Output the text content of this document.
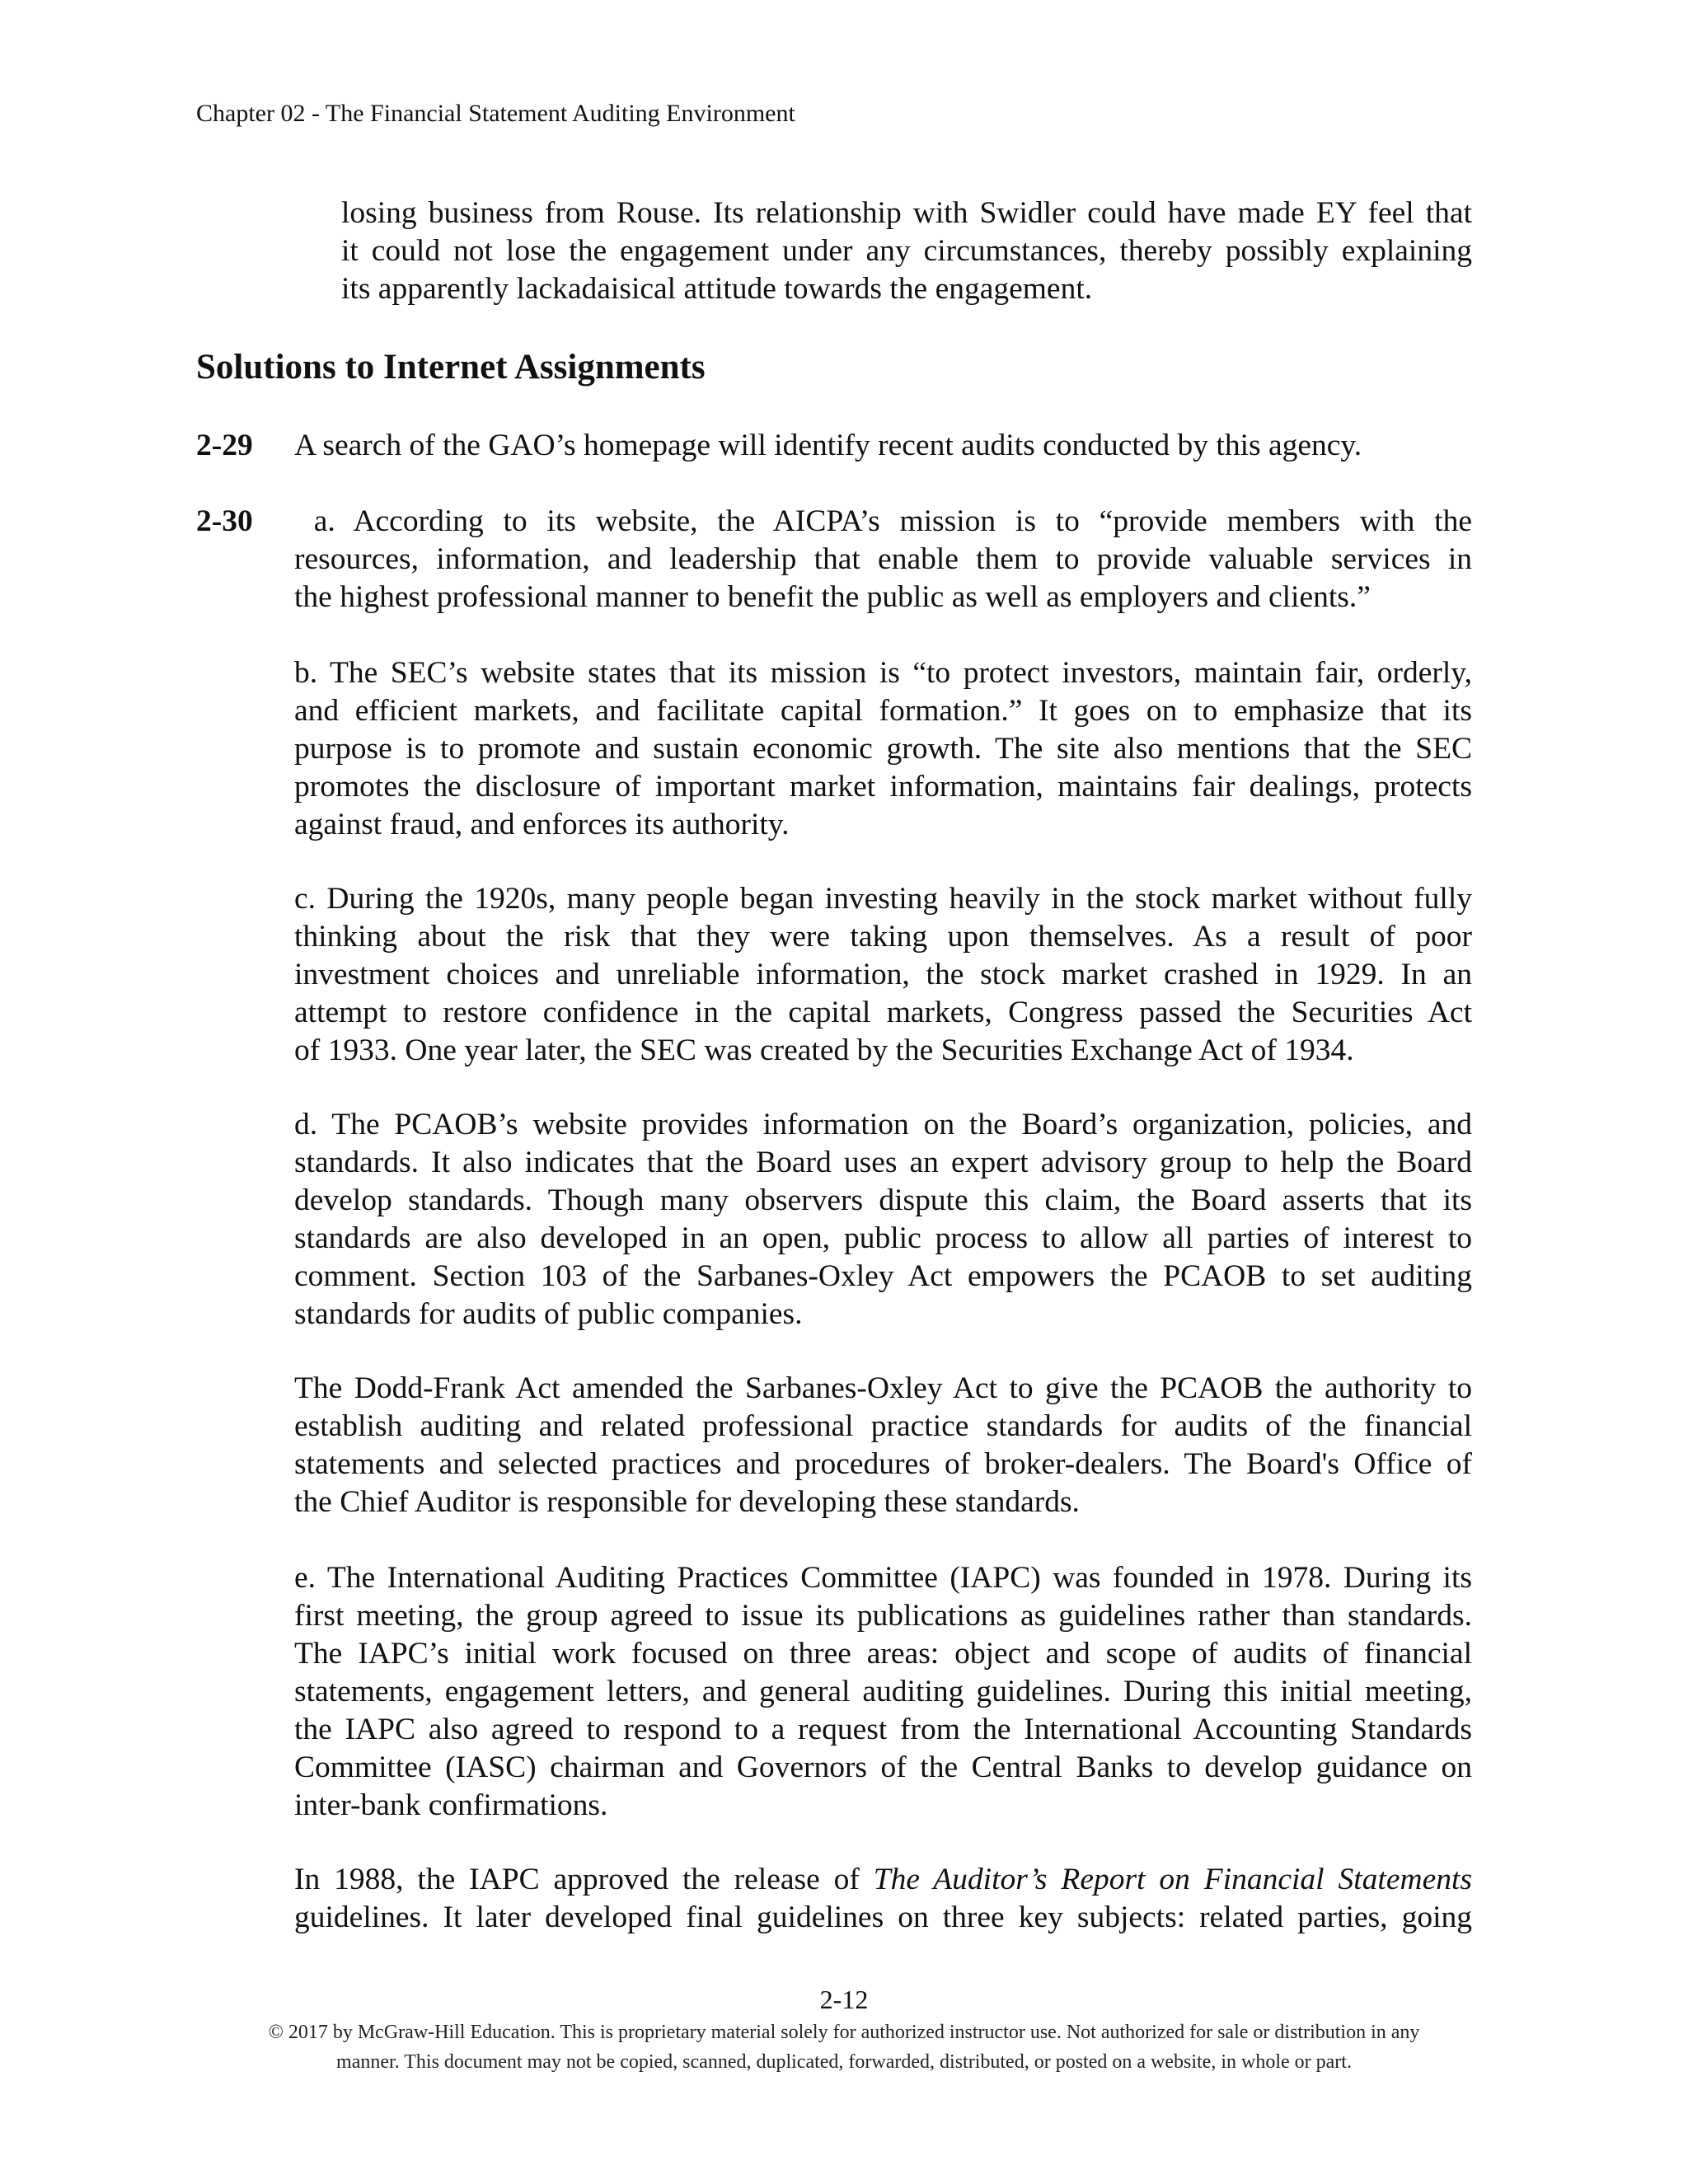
Chapter 02 - The Financial Statement Auditing Environment
losing business from Rouse. Its relationship with Swidler could have made EY feel that
it could not lose the engagement under any circumstances, thereby possibly explaining
its apparently lackadaisical attitude towards the engagement.
Solutions to Internet Assignments
2-29 A search of the GAO’s homepage will identify recent audits conducted by this agency.
2-30 a. According to its website, the AICPA’s mission is to “provide members with the
resources, information, and leadership that enable them to provide valuable services in
the highest professional manner to benefit the public as well as employers and clients.”
b. The SEC’s website states that its mission is “to protect investors, maintain fair, orderly,
and efficient markets, and facilitate capital formation.” It goes on to emphasize that its
purpose is to promote and sustain economic growth. The site also mentions that the SEC
promotes the disclosure of important market information, maintains fair dealings, protects
against fraud, and enforces its authority.
c. During the 1920s, many people began investing heavily in the stock market without fully
thinking about the risk that they were taking upon themselves. As a result of poor
investment choices and unreliable information, the stock market crashed in 1929. In an
attempt to restore confidence in the capital markets, Congress passed the Securities Act
of 1933. One year later, the SEC was created by the Securities Exchange Act of 1934.
d. The PCAOB’s website provides information on the Board’s organization, policies, and
standards. It also indicates that the Board uses an expert advisory group to help the Board
develop standards. Though many observers dispute this claim, the Board asserts that its
standards are also developed in an open, public process to allow all parties of interest to
comment. Section 103 of the Sarbanes-Oxley Act empowers the PCAOB to set auditing
standards for audits of public companies.
The Dodd-Frank Act amended the Sarbanes-Oxley Act to give the PCAOB the authority to
establish auditing and related professional practice standards for audits of the financial
statements and selected practices and procedures of broker-dealers. The Board's Office of
the Chief Auditor is responsible for developing these standards.
e. The International Auditing Practices Committee (IAPC) was founded in 1978. During its
first meeting, the group agreed to issue its publications as guidelines rather than standards.
The IAPC’s initial work focused on three areas: object and scope of audits of financial
statements, engagement letters, and general auditing guidelines. During this initial meeting,
the IAPC also agreed to respond to a request from the International Accounting Standards
Committee (IASC) chairman and Governors of the Central Banks to develop guidance on
inter-bank confirmations.
In 1988, the IAPC approved the release of The Auditor’s Report on Financial Statements
guidelines. It later developed final guidelines on three key subjects: related parties, going
2-12
© 2017 by McGraw-Hill Education. This is proprietary material solely for authorized instructor use. Not authorized for sale or distribution in any
manner. This document may not be copied, scanned, duplicated, forwarded, distributed, or posted on a website, in whole or part.
